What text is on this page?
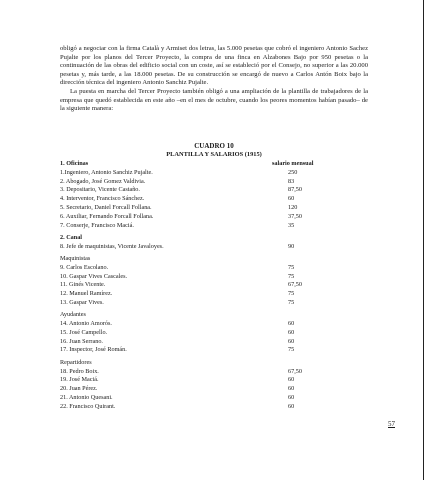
obligó a negociar con la firma Català y Armiset dos letras, las 5.000 pesetas que cobró el ingeniero Antonio Sachez Pujalte por los planos del Tercer Proyecto, la compra de una finca en Alzabones Bajo por 950 pesetas o la continuación de las obras del edificio social con un coste, así se estableció por el Consejo, no superior a las 20.000 pesetas y, más tarde, a las 18.000 pesetas. De su construcción se encargó de nuevo a Carlos Antón Boix bajo la dirección técnica del ingeniero Antonio Sanchiz Pujalte.

La puesta en marcha del Tercer Proyecto también obligó a una ampliación de la plantilla de trabajadores de la empresa que quedó establecida en este año –en el mes de octubre, cuando los peores momentos habían pasado– de la siguiente manera:

CUADRO 10
PLANTILLA Y SALARIOS (1915)
1. Oficinas	salario mensual
1.Ingeniero, Antonio Sanchiz Pujalte.	250
2. Abogado, José Gomez Valdivia.	83
3. Depositario, Vicente Castaño.	87,50
4. Interventor, Francisco Sánchez.	60
5. Secretario, Daniel Forcall Follana.	120
6. Auxiliar, Fernando Forcall Follana.	37,50
7. Conserje, Francisco Maciá.	35
2. Canal
8. Jefe de maquinistas, Vicente Javaloyes.	90
Maquinistas
9. Carlos Escolano.	75
10. Gaspar Vives Cascales.	75
11. Ginés Vicente.	67,50
12. Manuel Ramírez.	75
13. Gaspar Vives.	75
Ayudantes
14. Antonio Amorós.	60
15. José Campello.	60
16. Juan Serrano.	60
17. Inspector, José Román.	75
Repartidores
18. Pedro Boix.	67,50
19. José Maciá.	60
20. Juan Pérez.	60
21. Antonio Quesani.	60
22. Francisco Quirant.	60
57
